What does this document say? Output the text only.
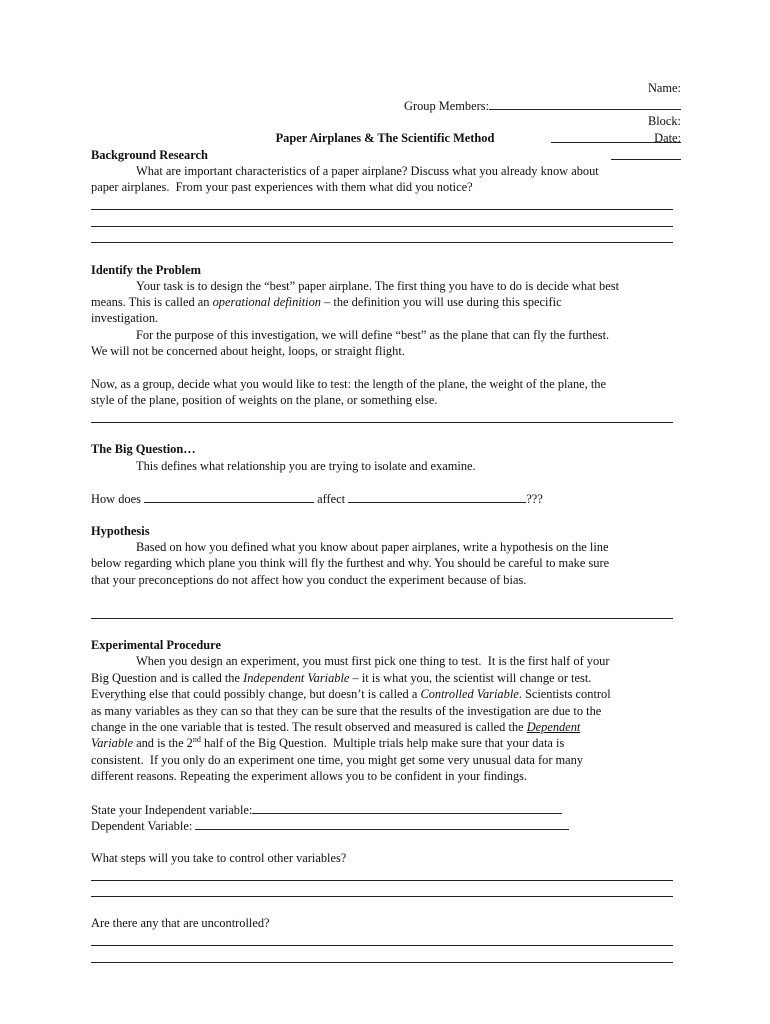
Name:

Group Members:

Block:

Date:

Paper Airplanes & The Scientific Method
Background Research
What are important characteristics of a paper airplane? Discuss what you already know about
paper airplanes.  From your past experiences with them what did you notice?
Identify the Problem
Your task is to design the “best” paper airplane. The first thing you have to do is decide what best
means. This is called an operational definition – the definition you will use during this specific
investigation.
For the purpose of this investigation, we will define “best” as the plane that can fly the furthest.
We will not be concerned about height, loops, or straight flight.
Now, as a group, decide what you would like to test: the length of the plane, the weight of the plane, the
style of the plane, position of weights on the plane, or something else.
The Big Question…
This defines what relationship you are trying to isolate and examine.
How does	affect	???
Hypothesis
Based on how you defined what you know about paper airplanes, write a hypothesis on the line
below regarding which plane you think will fly the furthest and why. You should be careful to make sure
that your preconceptions do not affect how you conduct the experiment because of bias.
Experimental Procedure
When you design an experiment, you must first pick one thing to test.  It is the first half of your
Big Question and is called the Independent Variable – it is what you, the scientist will change or test.
Everything else that could possibly change, but doesn’t is called a Controlled Variable. Scientists control
as many variables as they can so that they can be sure that the results of the investigation are due to the
change in the one variable that is tested. The result observed and measured is called the Dependent
Variable and is the 2nd half of the Big Question.  Multiple trials help make sure that your data is
consistent.  If you only do an experiment one time, you might get some very unusual data for many
different reasons. Repeating the experiment allows you to be confident in your findings.
State your Independent variable:
Dependent Variable:
What steps will you take to control other variables?
Are there any that are uncontrolled?
